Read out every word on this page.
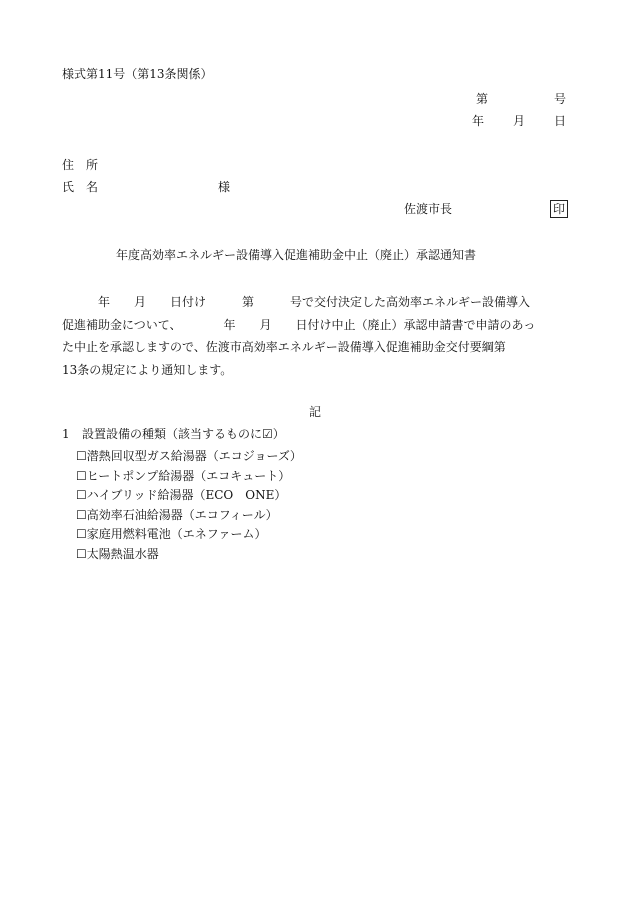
様式第11号（第13条関係）
第	号
年 月 日
住　所
氏　名	様
佐渡市長	印
年度高効率エネルギー設備導入促進補助金中止（廃止）承認通知書
　　　年　　月　　日付け　　　第　　　号で交付決定した高効率エネルギー設備導入
促進補助金について、　　　　年　　月　　日付け中止（廃止）承認申請書で申請のあっ
た中止を承認しますので、佐渡市高効率エネルギー設備導入促進補助金交付要綱第
13条の規定により通知します。
記
1 設置設備の種類（該当するものに☑）
☐潜熱回収型ガス給湯器（エコジョーズ）
☐ヒートポンプ給湯器（エコキュート）
☐ハイブリッド給湯器（ECO　ONE）
☐高効率石油給湯器（エコフィール）
☐家庭用燃料電池（エネファーム）
☐太陽熱温水器
